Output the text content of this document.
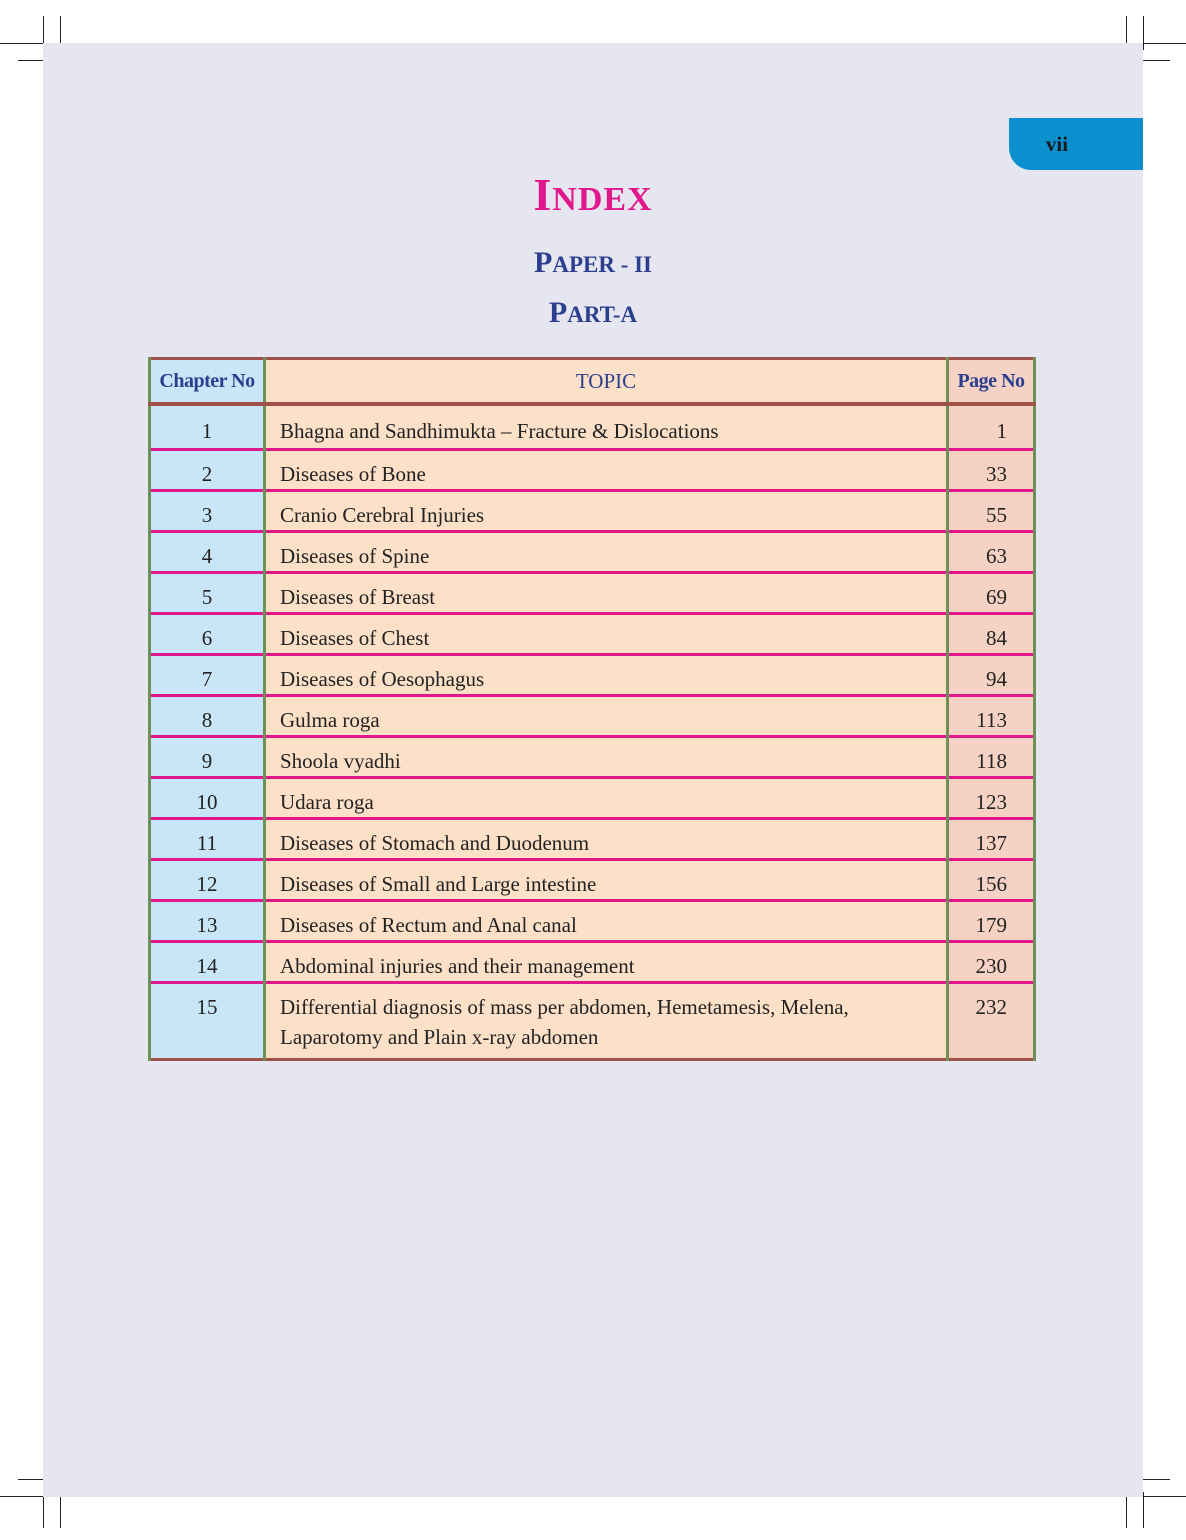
vii
INDEX
PAPER - II
PART-A
Chapter No	TOPIC	Page No
1	Bhagna and Sandhimukta – Fracture & Dislocations	1
2	Diseases of Bone	33
3	Cranio Cerebral Injuries	55
4	Diseases of Spine	63
5	Diseases of Breast	69
6	Diseases of Chest	84
7	Diseases of Oesophagus	94
8	Gulma roga	113
9	Shoola vyadhi	118
10	Udara roga	123
11	Diseases of Stomach and Duodenum	137
12	Diseases of Small and Large intestine	156
13	Diseases of Rectum and Anal canal	179
14	Abdominal injuries and their management	230
15	Differential diagnosis of mass per abdomen, Hemetamesis, Melena, Laparotomy and Plain x-ray abdomen	232
